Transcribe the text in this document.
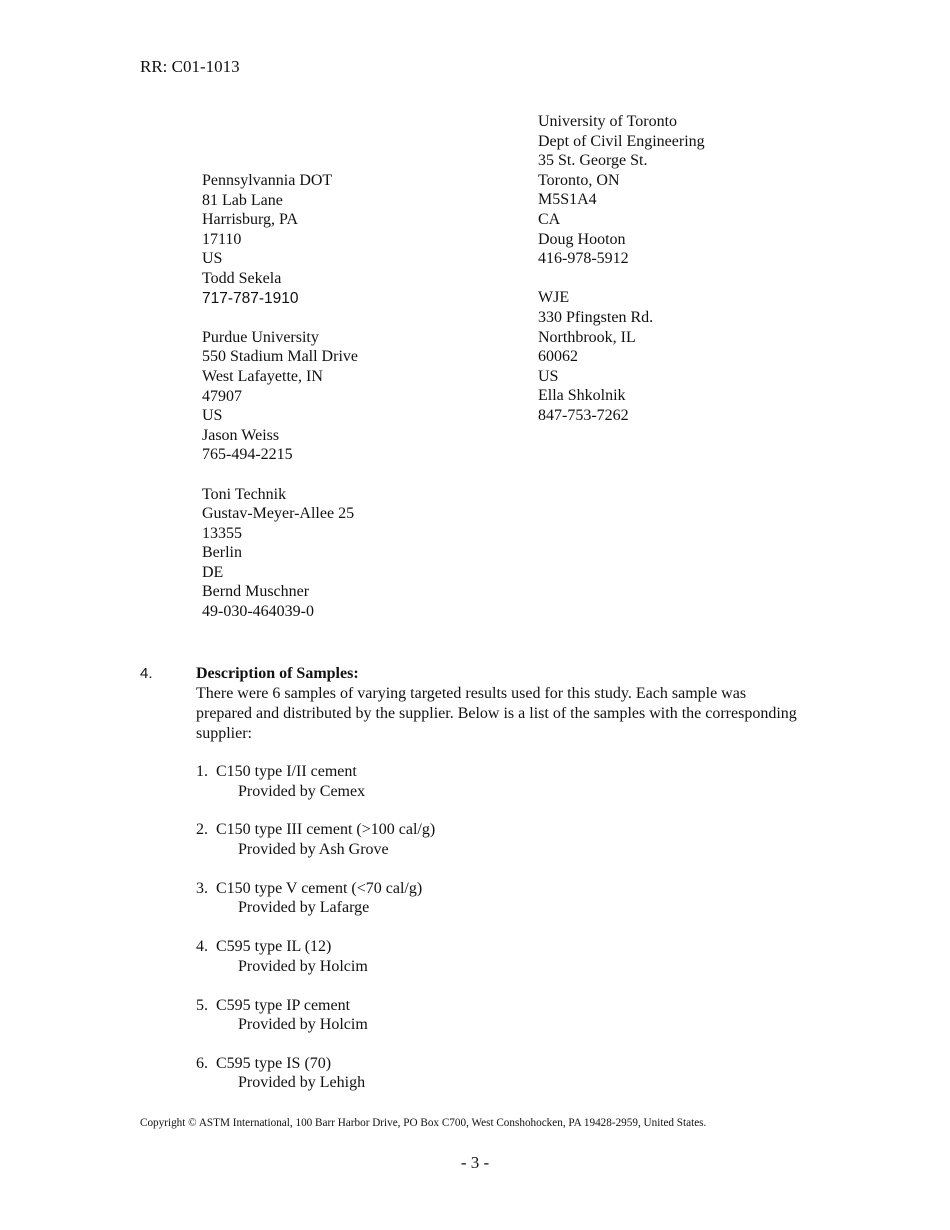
RR: C01-1013
Pennsylvannia DOT
81 Lab Lane
Harrisburg, PA
17110
US
Todd Sekela
717-787-1910
Purdue University
550 Stadium Mall Drive
West Lafayette, IN
47907
US
Jason Weiss
765-494-2215
Toni Technik
Gustav-Meyer-Allee 25
13355
Berlin
DE
Bernd Muschner
49-030-464039-0
University of Toronto
Dept of Civil Engineering
35 St. George St.
Toronto, ON
M5S1A4
CA
Doug Hooton
416-978-5912
WJE
330 Pfingsten Rd.
Northbrook, IL
60062
US
Ella Shkolnik
847-753-7262
4.	Description of Samples:
There were 6 samples of varying targeted results used for this study. Each sample was prepared and distributed by the supplier. Below is a list of the samples with the corresponding supplier:
1. C150 type I/II cement
Provided by Cemex
2. C150 type III cement (>100 cal/g)
Provided by Ash Grove
3. C150 type V cement (<70 cal/g)
Provided by Lafarge
4. C595 type IL (12)
Provided by Holcim
5. C595 type IP cement
Provided by Holcim
6. C595 type IS (70)
Provided by Lehigh
Copyright © ASTM International, 100 Barr Harbor Drive, PO Box C700, West Conshohocken, PA 19428-2959, United States.
- 3 -
